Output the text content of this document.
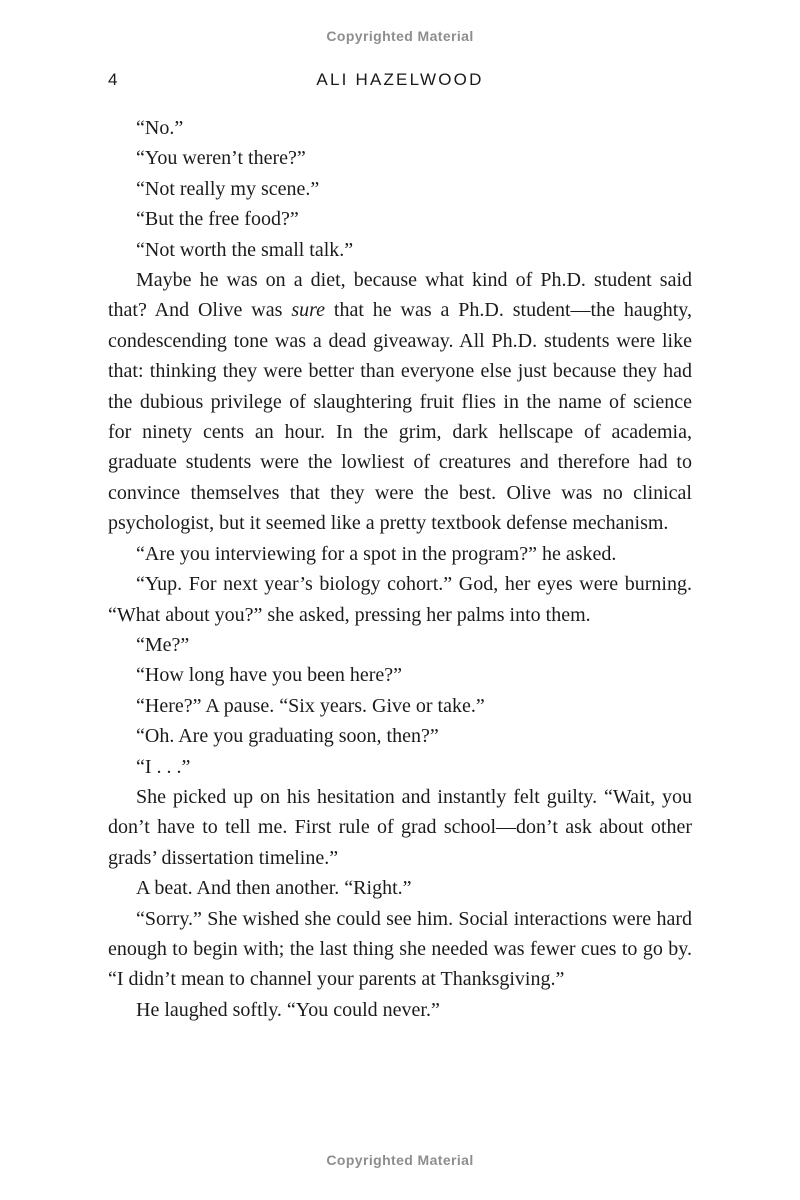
Copyrighted Material
4	ALI HAZELWOOD

“No.”

“You weren’t there?”

“Not really my scene.”

“But the free food?”

“Not worth the small talk.”

Maybe he was on a diet, because what kind of Ph.D. student said that? And Olive was sure that he was a Ph.D. student—the haughty, condescending tone was a dead giveaway. All Ph.D. students were like that: thinking they were better than everyone else just because they had the dubious privilege of slaughtering fruit flies in the name of science for ninety cents an hour. In the grim, dark hellscape of academia, graduate students were the lowliest of creatures and therefore had to convince themselves that they were the best. Olive was no clinical psychologist, but it seemed like a pretty textbook defense mechanism.

“Are you interviewing for a spot in the program?” he asked.

“Yup. For next year’s biology cohort.” God, her eyes were burning. “What about you?” she asked, pressing her palms into them.

“Me?”

“How long have you been here?”

“Here?” A pause. “Six years. Give or take.”

“Oh. Are you graduating soon, then?”

“I . . .”

She picked up on his hesitation and instantly felt guilty. “Wait, you don’t have to tell me. First rule of grad school—don’t ask about other grads’ dissertation timeline.”

A beat. And then another. “Right.”

“Sorry.” She wished she could see him. Social interactions were hard enough to begin with; the last thing she needed was fewer cues to go by. “I didn’t mean to channel your parents at Thanksgiving.”

He laughed softly. “You could never.”

Copyrighted Material
